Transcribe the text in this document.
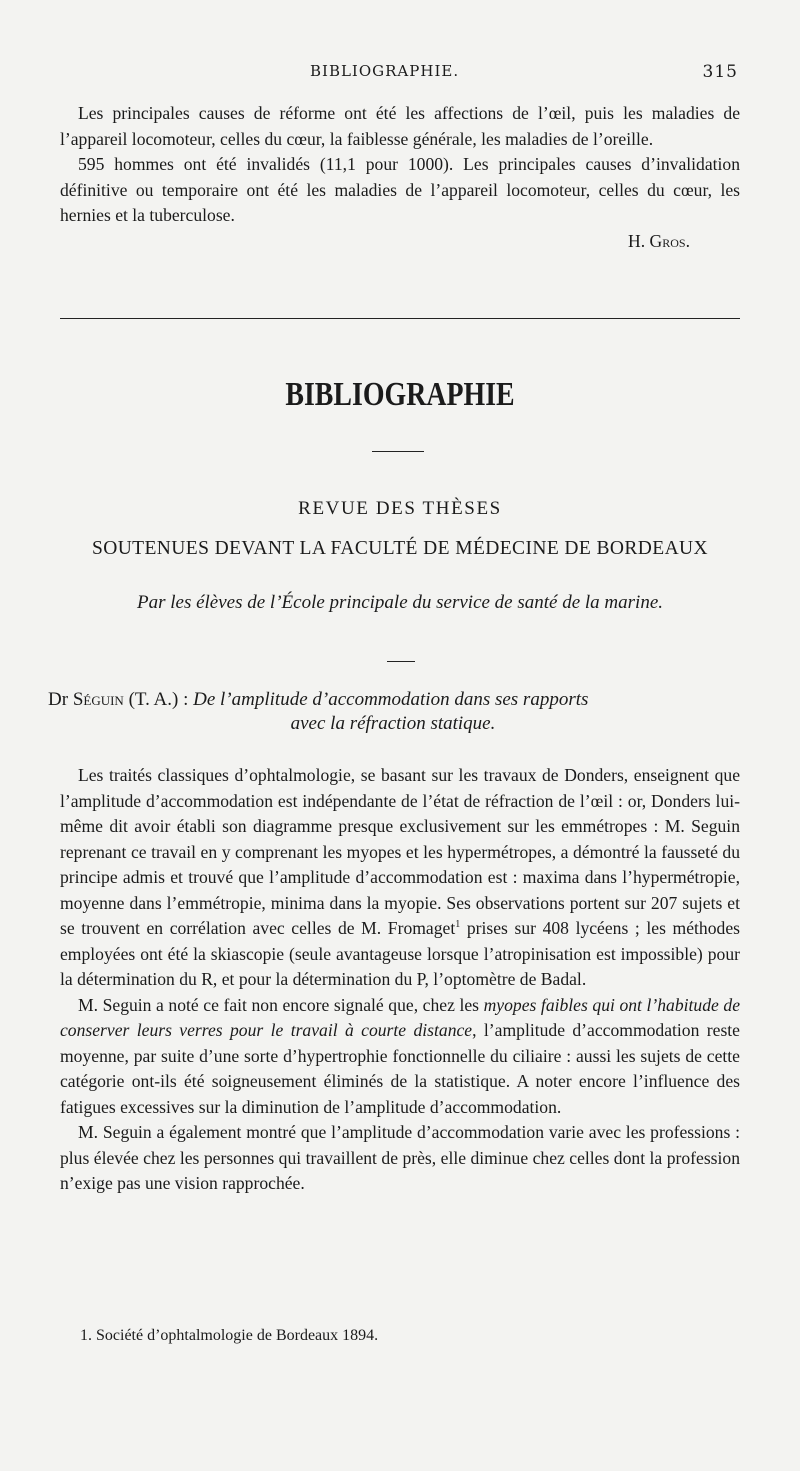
BIBLIOGRAPHIE.	315

Les principales causes de réforme ont été les affections de l’œil, puis les maladies de l’appareil locomoteur, celles du cœur, la faiblesse générale, les maladies de l’oreille.

595 hommes ont été invalidés (11,1 pour 1000). Les principales causes d’invalidation définitive ou temporaire ont été les maladies de l’appareil locomoteur, celles du cœur, les hernies et la tuberculose.

H. Gros.

BIBLIOGRAPHIE
REVUE DES THÈSES
SOUTENUES DEVANT LA FACULTÉ DE MÉDECINE DE BORDEAUX
Par les élèves de l’École principale du service de santé de la marine.
Dr Séguin (T. A.) : De l’amplitude d’accommodation dans ses rapports
avec la réfraction statique.

Les traités classiques d’ophtalmologie, se basant sur les travaux de Donders, enseignent que l’amplitude d’accommodation est indépendante de l’état de réfraction de l’œil : or, Donders lui-même dit avoir établi son diagramme presque exclusivement sur les emmétropes : M. Seguin reprenant ce travail en y comprenant les myopes et les hypermétropes, a démontré la fausseté du principe admis et trouvé que l’amplitude d’accommodation est : maxima dans l’hypermétropie, moyenne dans l’emmétropie, minima dans la myopie. Ses observations portent sur 207 sujets et se trouvent en corrélation avec celles de M. Fromaget$^1$ prises sur 408 lycéens ; les méthodes employées ont été la skiascopie (seule avantageuse lorsque l’atropinisation est impossible) pour la détermination du R, et pour la détermination du P, l’optomètre de Badal.

M. Seguin a noté ce fait non encore signalé que, chez les myopes faibles qui ont l’habitude de conserver leurs verres pour le travail à courte distance, l’amplitude d’accommodation reste moyenne, par suite d’une sorte d’hypertrophie fonctionnelle du ciliaire : aussi les sujets de cette catégorie ont-ils été soigneusement éliminés de la statistique. A noter encore l’influence des fatigues excessives sur la diminution de l’amplitude d’accommodation.

M. Seguin a également montré que l’amplitude d’accommodation varie avec les professions : plus élevée chez les personnes qui travaillent de près, elle diminue chez celles dont la profession n’exige pas une vision rapprochée.

1. Société d’ophtalmologie de Bordeaux 1894.
